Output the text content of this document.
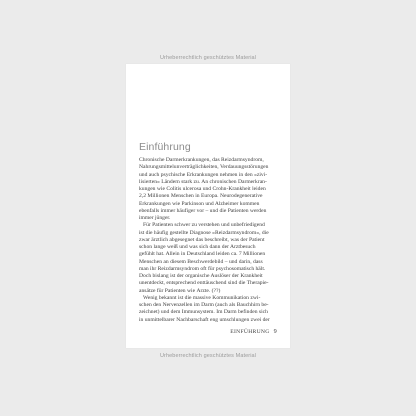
Urheberrechtlich geschütztes Material
Einführung
Chronische Darmerkrankungen, das Reizdarmsyndrom,
Nahrungsmittelunverträglichkeiten, Verdauungsstörungen
und auch psychische Erkrankungen nehmen in den »zivi-
lisierten« Ländern stark zu. An chronischen Darmerkran-
kungen wie Colitis ulcerosa und Crohn-Krankheit leiden
2,2 Millionen Menschen in Europa. Neurodegenerative
Erkrankungen wie Parkinson und Alzheimer kommen
ebenfalls immer häufiger vor – und die Patienten werden
immer jünger.
Für Patienten schwer zu verstehen und unbefriedigend
ist die häufig gestellte Diagnose »Reizdarmsyndrom«, die
zwar ärztlich abgesegnet das beschreibt, was der Patient
schon lange weiß und was sich dann der Arztbesuch
gefühlt hat. Allein in Deutschland leiden ca. 7 Millionen
Menschen an diesem Beschwerdebild – und darin, dass
man ihr Reizdarmsyndrom oft für psychosomatisch hält.
Doch bislang ist der organische Auslöser der Krankheit
unentdeckt, entsprechend enttäuschend sind die Therapie-
ansätze für Patienten wie Ärzte. (??)
Wenig bekannt ist die massive Kommunikation zwi-
schen den Nervenzellen im Darm (auch als Bauchhirn be-
zeichnet) und dem Immunsystem. Im Darm befinden sich
in unmittelbarer Nachbarschaft eng umschlungen zwei der
EINFÜHRUNG 9
Urheberrechtlich geschütztes Material
